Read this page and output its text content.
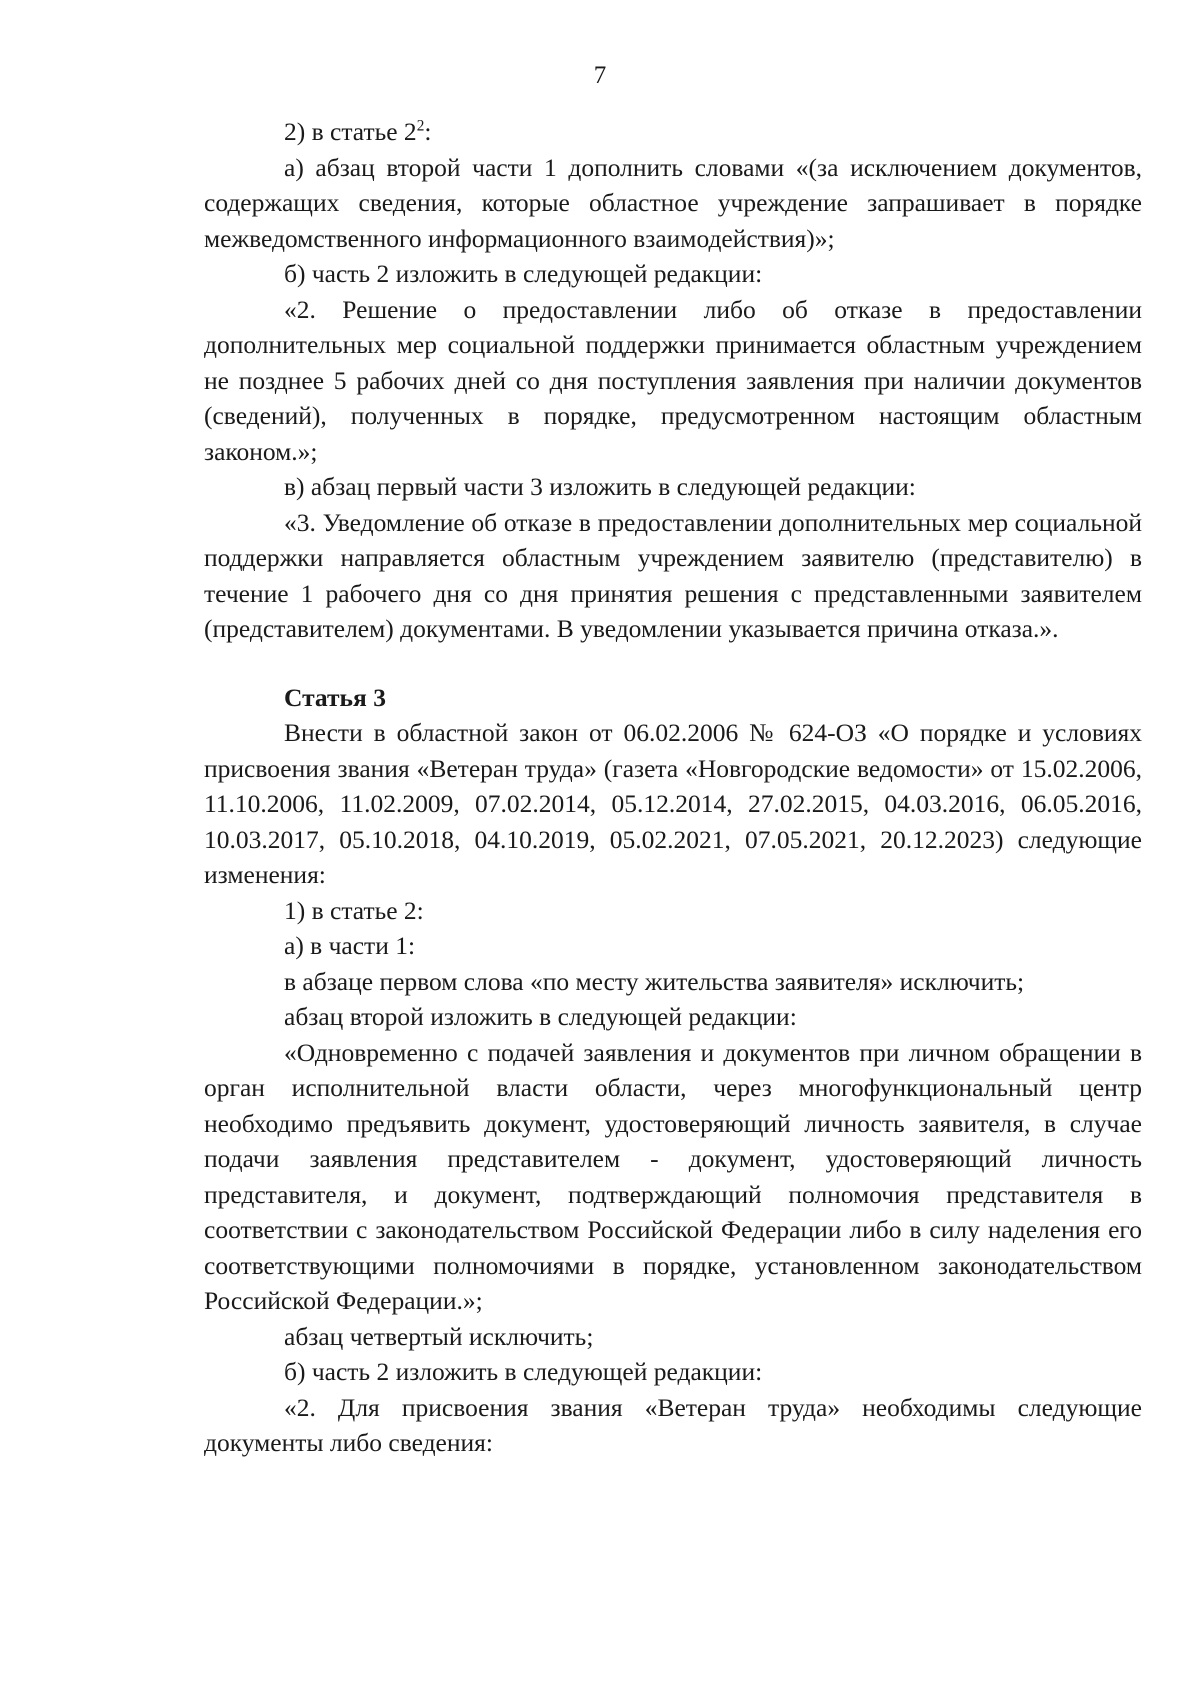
7

2) в статье $2^2$:

а) абзац второй части 1 дополнить словами «(за исключением документов, содержащих сведения, которые областное учреждение запрашивает в порядке межведомственного информационного взаимодействия)»;

б) часть 2 изложить в следующей редакции:

«2. Решение о предоставлении либо об отказе в предоставлении дополнительных мер социальной поддержки принимается областным учреждением не позднее 5 рабочих дней со дня поступления заявления при наличии документов (сведений), полученных в порядке, предусмотренном настоящим областным законом.»;

в) абзац первый части 3 изложить в следующей редакции:

«3. Уведомление об отказе в предоставлении дополнительных мер социальной поддержки направляется областным учреждением заявителю (представителю) в течение 1 рабочего дня со дня принятия решения с представленными заявителем (представителем) документами. В уведомлении указывается причина отказа.».

Статья 3

Внести в областной закон от 06.02.2006 № 624-ОЗ «О порядке и условиях присвоения звания «Ветеран труда» (газета «Новгородские ведомости» от 15.02.2006, 11.10.2006, 11.02.2009, 07.02.2014, 05.12.2014, 27.02.2015, 04.03.2016, 06.05.2016, 10.03.2017, 05.10.2018, 04.10.2019, 05.02.2021, 07.05.2021, 20.12.2023) следующие изменения:

1) в статье 2:

а) в части 1:

в абзаце первом слова «по месту жительства заявителя» исключить;

абзац второй изложить в следующей редакции:

«Одновременно с подачей заявления и документов при личном обращении в орган исполнительной власти области, через многофункциональный центр необходимо предъявить документ, удостоверяющий личность заявителя, в случае подачи заявления представителем - документ, удостоверяющий личность представителя, и документ, подтверждающий полномочия представителя в соответствии с законодательством Российской Федерации либо в силу наделения его соответствующими полномочиями в порядке, установленном законодательством Российской Федерации.»;

абзац четвертый исключить;

б) часть 2 изложить в следующей редакции:

«2. Для присвоения звания «Ветеран труда» необходимы следующие документы либо сведения:
